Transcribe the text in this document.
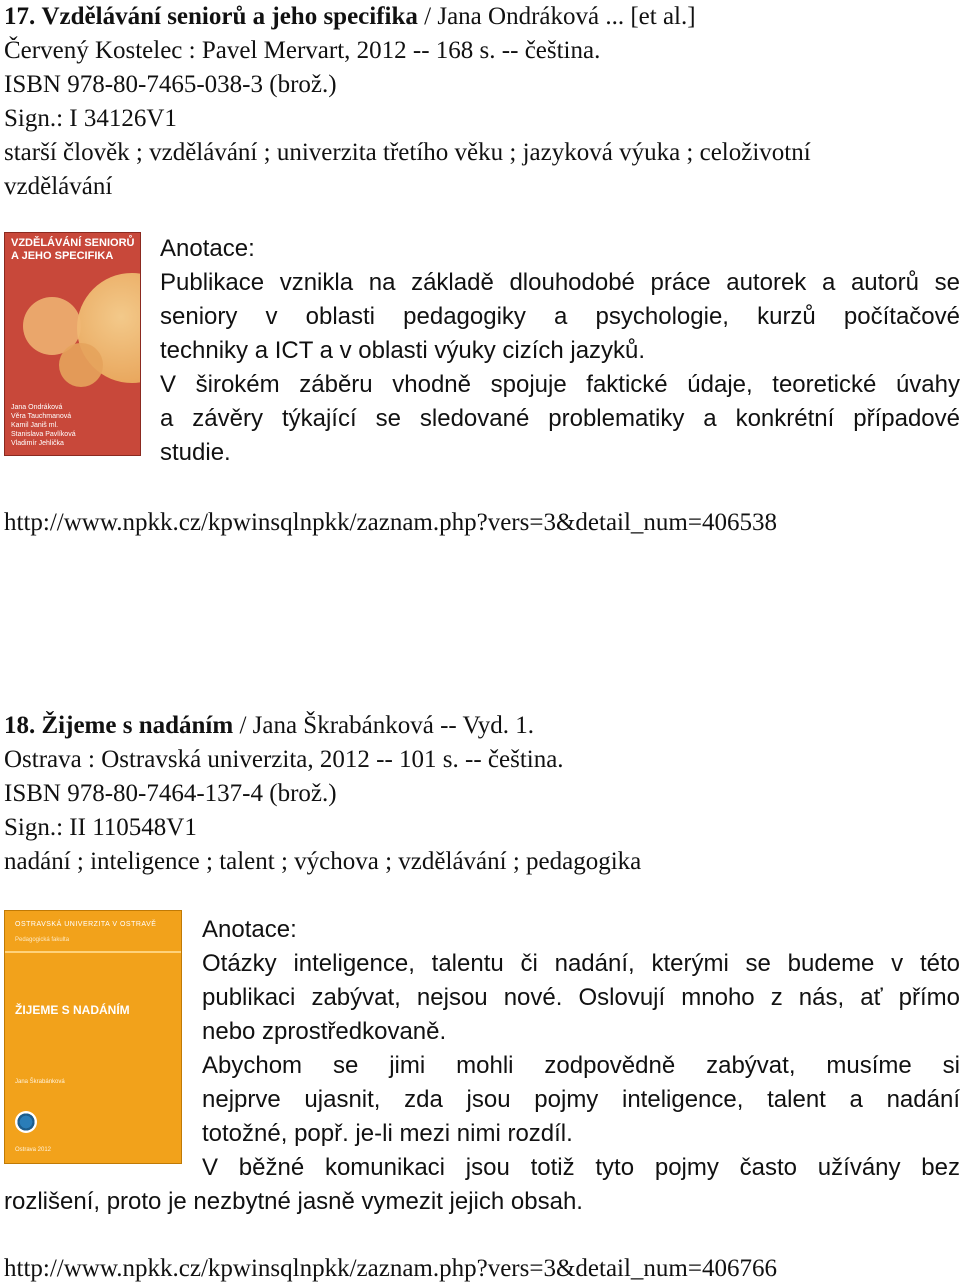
17. Vzdělávání seniorů a jeho specifika / Jana Ondráková ... [et al.]
Červený Kostelec : Pavel Mervart, 2012 -- 168 s. -- čeština.
ISBN 978-80-7465-038-3 (brož.)
Sign.: I 34126V1
starší člověk ; vzdělávání ; univerzita třetího věku ; jazyková výuka ; celoživotní
vzdělávání
VZDĚLÁVÁNÍ SENIORŮ A JEHO SPECIFIKA
Jana Ondráková
Věra Tauchmanová
Kamil Janiš ml.
Stanislava Pavlíková
Vladimír Jehlička
Anotace:
Publikace vznikla na základě dlouhodobé práce autorek a autorů se
seniory v oblasti pedagogiky a psychologie, kurzů počítačové
techniky a ICT a v oblasti výuky cizích jazyků.
V širokém záběru vhodně spojuje faktické údaje, teoretické úvahy
a závěry týkající se sledované problematiky a konkrétní případové
studie.
http://www.npkk.cz/kpwinsqlnpkk/zaznam.php?vers=3&detail_num=406538
18. Žijeme s nadáním / Jana Škrabánková -- Vyd. 1.
Ostrava : Ostravská univerzita, 2012 -- 101 s. -- čeština.
ISBN 978-80-7464-137-4 (brož.)
Sign.: II 110548V1
nadání ; inteligence ; talent ; výchova ; vzdělávání ; pedagogika
OSTRAVSKÁ UNIVERZITA V OSTRAVĚ
Pedagogická fakulta
ŽIJEME S NADÁNÍM
Jana Škrabánková
Ostrava 2012
Anotace:
Otázky inteligence, talentu či nadání, kterými se budeme v této
publikaci zabývat, nejsou nové. Oslovují mnoho z nás, ať přímo
nebo zprostředkovaně.
Abychom se jimi mohli zodpovědně zabývat, musíme si
nejprve ujasnit, zda jsou pojmy inteligence, talent a nadání
totožné, popř. je-li mezi nimi rozdíl.
V běžné komunikaci jsou totiž tyto pojmy často užívány bez
rozlišení, proto je nezbytné jasně vymezit jejich obsah.
http://www.npkk.cz/kpwinsqlnpkk/zaznam.php?vers=3&detail_num=406766
